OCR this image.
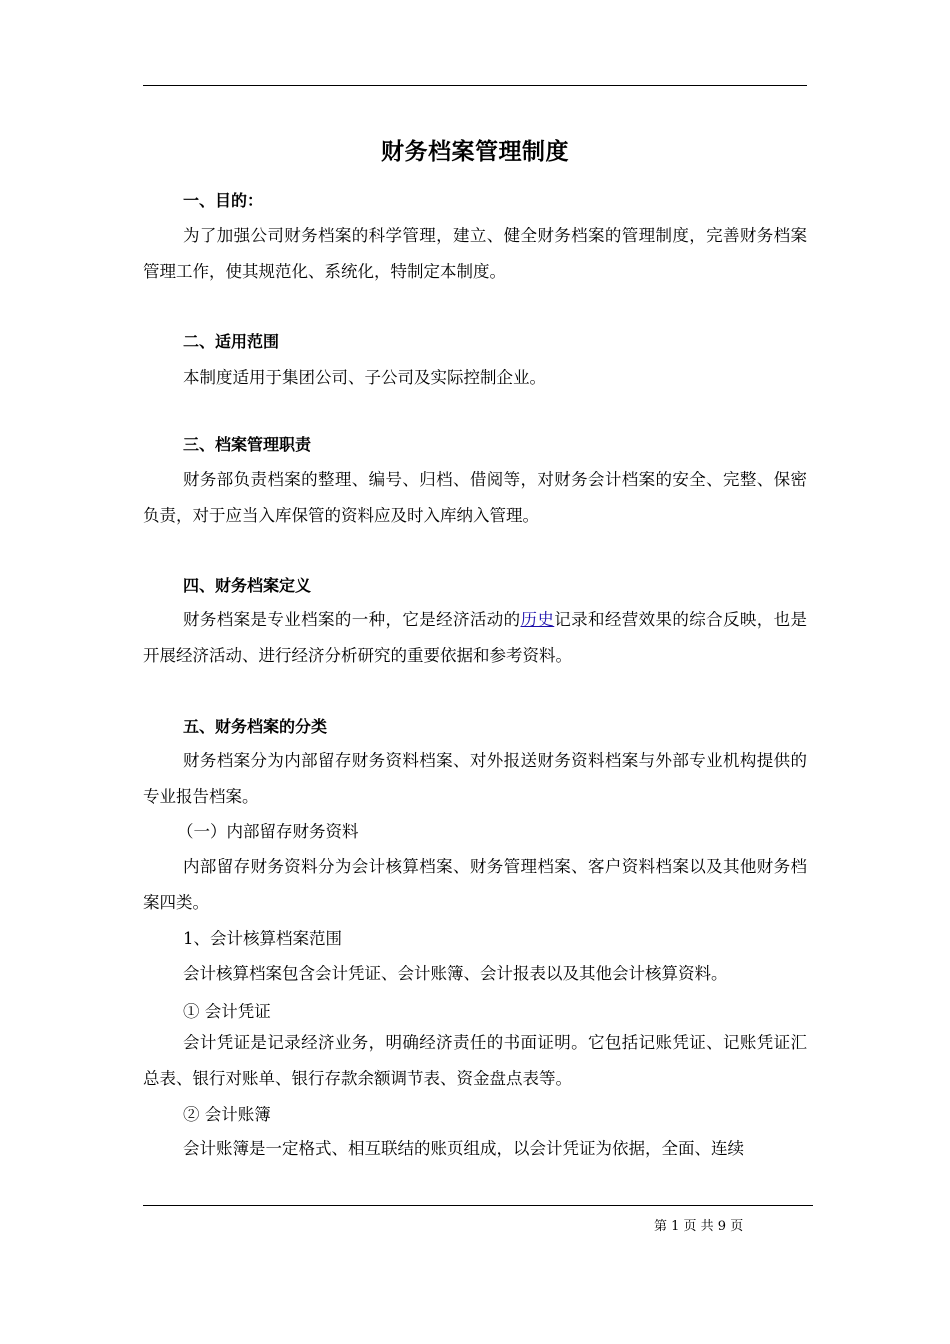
财务档案管理制度
一、目的：

为了加强公司财务档案的科学管理，建立、健全财务档案的管理制度，完善财务档案管理工作，使其规范化、系统化，特制定本制度。

二、适用范围

本制度适用于集团公司、子公司及实际控制企业。

三、档案管理职责

财务部负责档案的整理、编号、归档、借阅等，对财务会计档案的安全、完整、保密负责，对于应当入库保管的资料应及时入库纳入管理。

四、财务档案定义

财务档案是专业档案的一种，它是经济活动的历史记录和经营效果的综合反映，也是开展经济活动、进行经济分析研究的重要依据和参考资料。

五、财务档案的分类

财务档案分为内部留存财务资料档案、对外报送财务资料档案与外部专业机构提供的专业报告档案。

（一）内部留存财务资料

内部留存财务资料分为会计核算档案、财务管理档案、客户资料档案以及其他财务档案四类。

1、会计核算档案范围

会计核算档案包含会计凭证、会计账簿、会计报表以及其他会计核算资料。

① 会计凭证

会计凭证是记录经济业务，明确经济责任的书面证明。它包括记账凭证、记账凭证汇总表、银行对账单、银行存款余额调节表、资金盘点表等。

② 会计账簿

会计账簿是一定格式、相互联结的账页组成，以会计凭证为依据，全面、连续

第 1 页 共 9 页
